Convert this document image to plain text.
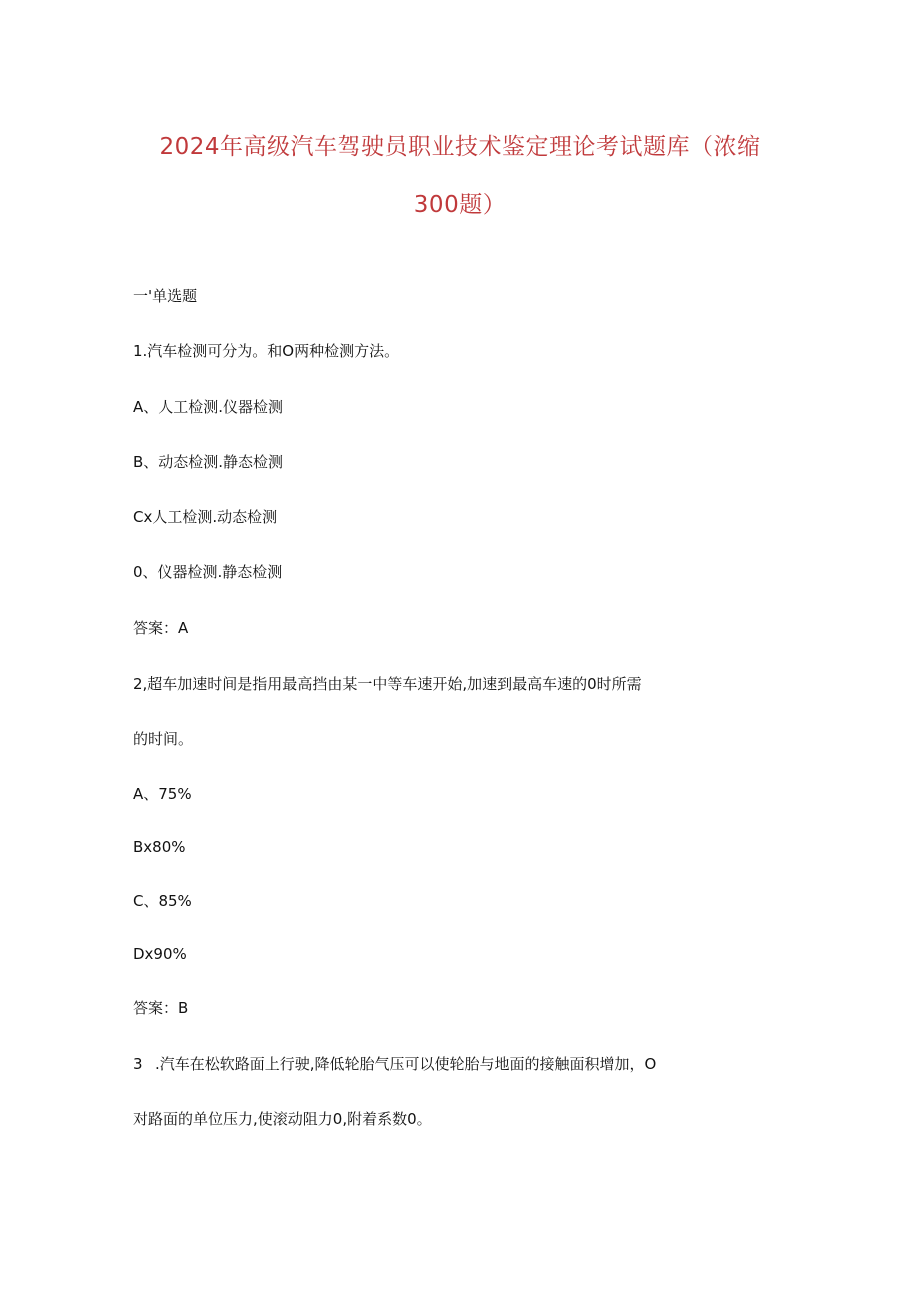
2024年高级汽车驾驶员职业技术鉴定理论考试题库（浓缩
300题）
一'单选题
1.汽车检测可分为。和O两种检测方法。
A、人工检测.仪器检测
B、动态检测.静态检测
Cx人工检测.动态检测
0、仪器检测.静态检测
答案：A
2,超车加速时间是指用最高挡由某一中等车速开始,加速到最高车速的0时所需
的时间。
A、75%
Bx80%
C、85%
Dx90%
答案：B
3 .汽车在松软路面上行驶,降低轮胎气压可以使轮胎与地面的接触面积增加，O
对路面的单位压力,使滚动阻力0,附着系数0。
